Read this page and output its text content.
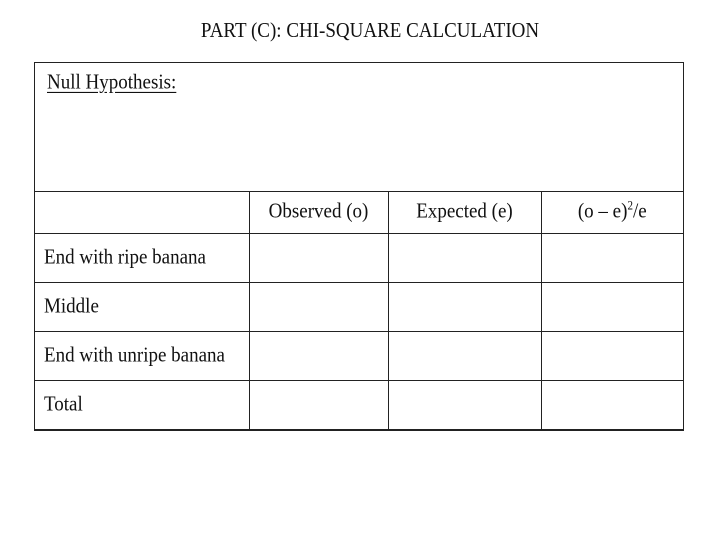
PART (C): CHI-SQUARE CALCULATION
Null Hypothesis:

	Observed (o)	Expected (e)	(o – e)$^2$/e

End with ripe banana			

Middle			

End with unripe banana			

Total			
